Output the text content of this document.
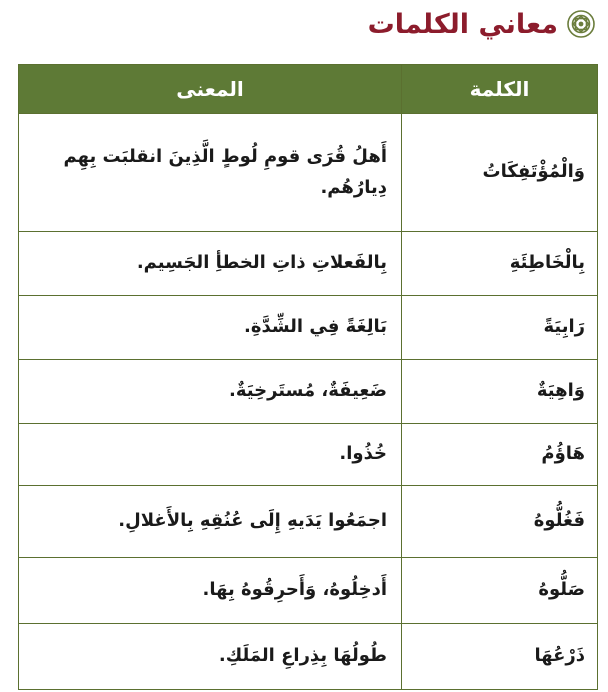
معاني الكلمات
الكلمة	المعنى
وَالْمُؤْتَفِكَاتُ	أَهلُ قُرَى قومِ لُوطٍ الَّذِينَ انقلبَت بِهِم دِيارُهُم.
بِالْخَاطِئَةِ	بِالفَعلاتِ ذاتِ الخطأِ الجَسِيم.
رَابِيَةً	بَالِغَةً فِي الشِّدَّةِ.
وَاهِيَةٌ	ضَعِيفَةٌ، مُستَرخِيَةٌ.
هَاؤُمُ	خُذُوا.
فَغُلُّوهُ	اجمَعُوا يَدَيهِ إِلَى عُنُقِهِ بِالأَغلالِ.
صَلُّوهُ	أَدخِلُوهُ، وَأَحرِقُوهُ بِهَا.
ذَرْعُهَا	طُولُهَا بِذِراعِ المَلَكِ.
